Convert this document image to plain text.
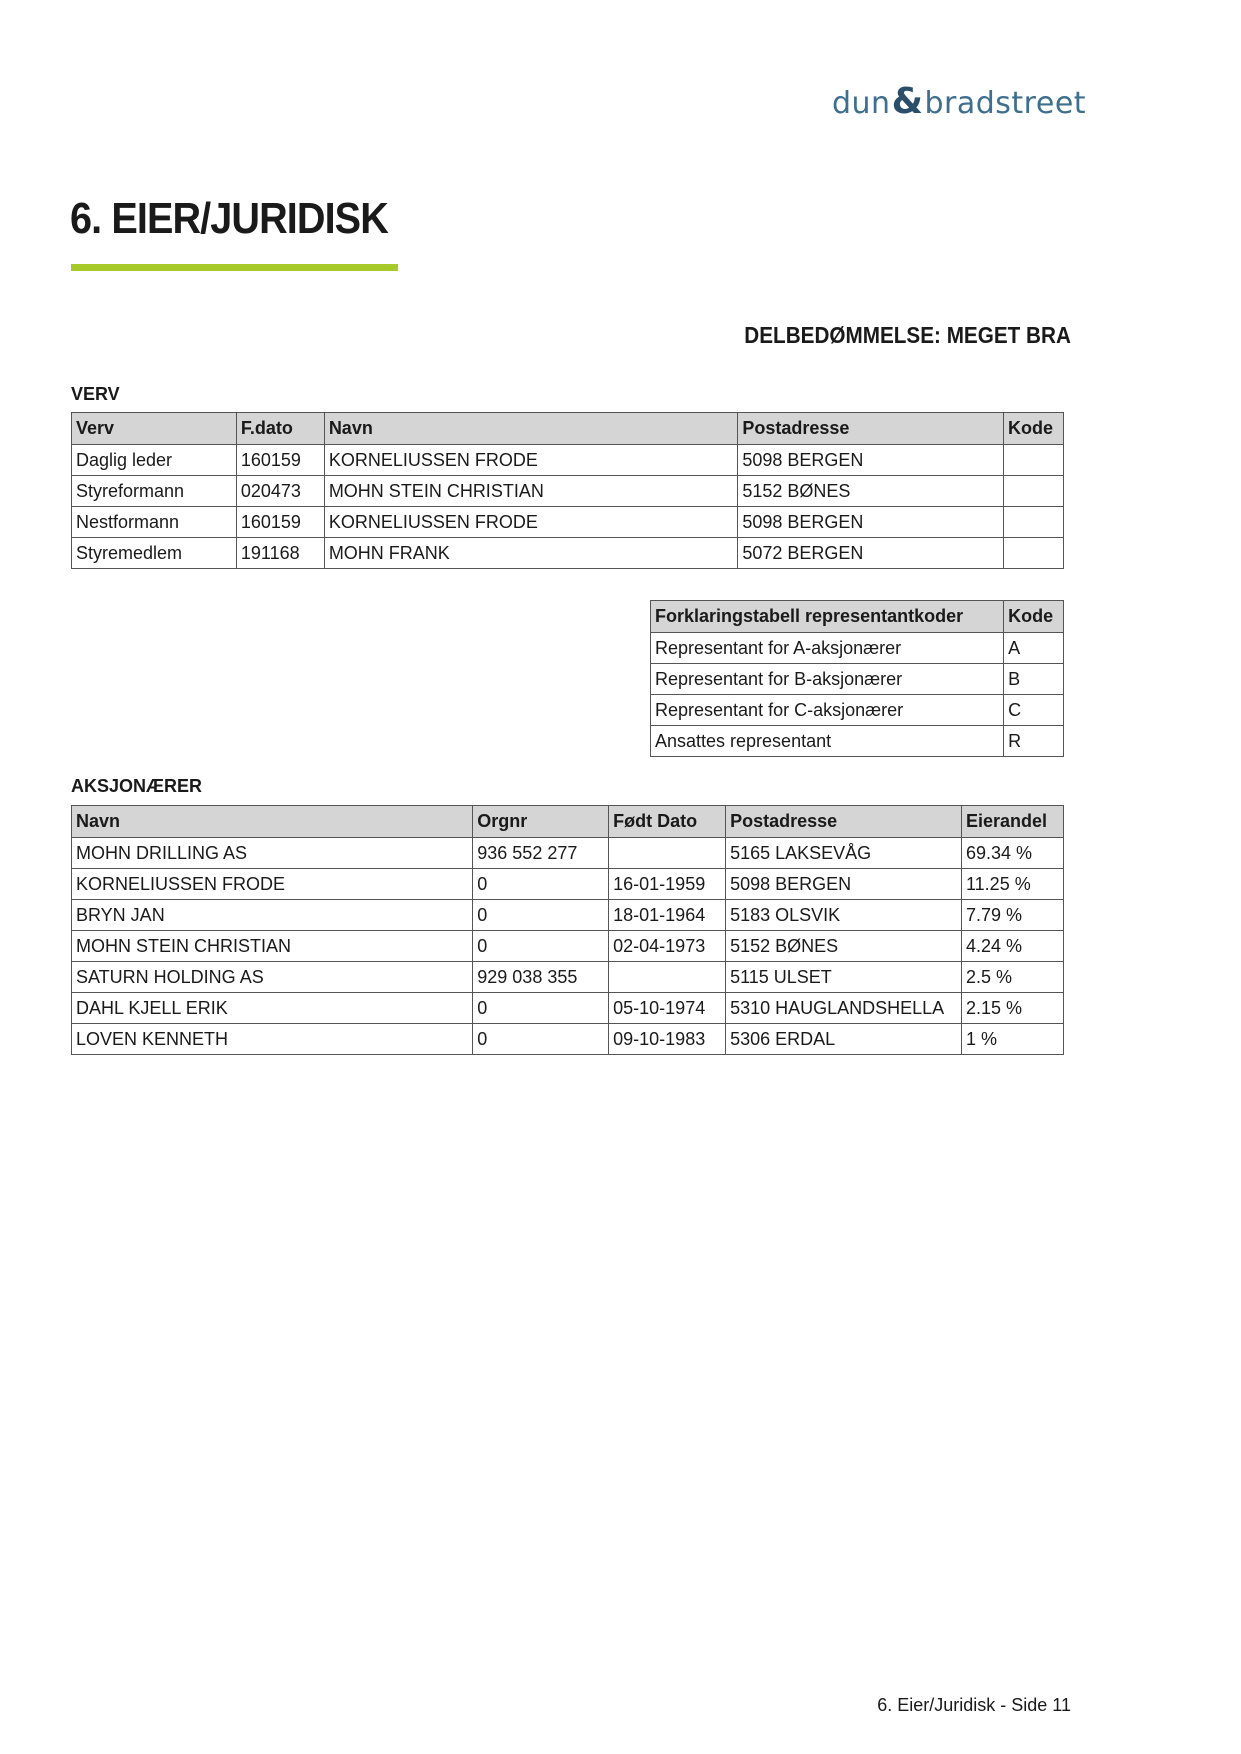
dun&bradstreet
6. EIER/JURIDISK
DELBEDØMMELSE: MEGET BRA

VERV

Verv	F.dato	Navn	Postadresse	Kode
Daglig leder	160159	KORNELIUSSEN FRODE	5098 BERGEN	
Styreformann	020473	MOHN STEIN CHRISTIAN	5152 BØNES	
Nestformann	160159	KORNELIUSSEN FRODE	5098 BERGEN	
Styremedlem	191168	MOHN FRANK	5072 BERGEN	
Forklaringstabell representantkoder	Kode
Representant for A-aksjonærer	A
Representant for B-aksjonærer	B
Representant for C-aksjonærer	C
Ansattes representant	R

AKSJONÆRER

Navn	Orgnr	Født Dato	Postadresse	Eierandel
MOHN DRILLING AS	936 552 277		5165 LAKSEVÅG	69.34 %
KORNELIUSSEN FRODE	0	16-01-1959	5098 BERGEN	11.25 %
BRYN JAN	0	18-01-1964	5183 OLSVIK	7.79 %
MOHN STEIN CHRISTIAN	0	02-04-1973	5152 BØNES	4.24 %
SATURN HOLDING AS	929 038 355		5115 ULSET	2.5 %
DAHL KJELL ERIK	0	05-10-1974	5310 HAUGLANDSHELLA	2.15 %
LOVEN KENNETH	0	09-10-1983	5306 ERDAL	1 %
6. Eier/Juridisk - Side 11
